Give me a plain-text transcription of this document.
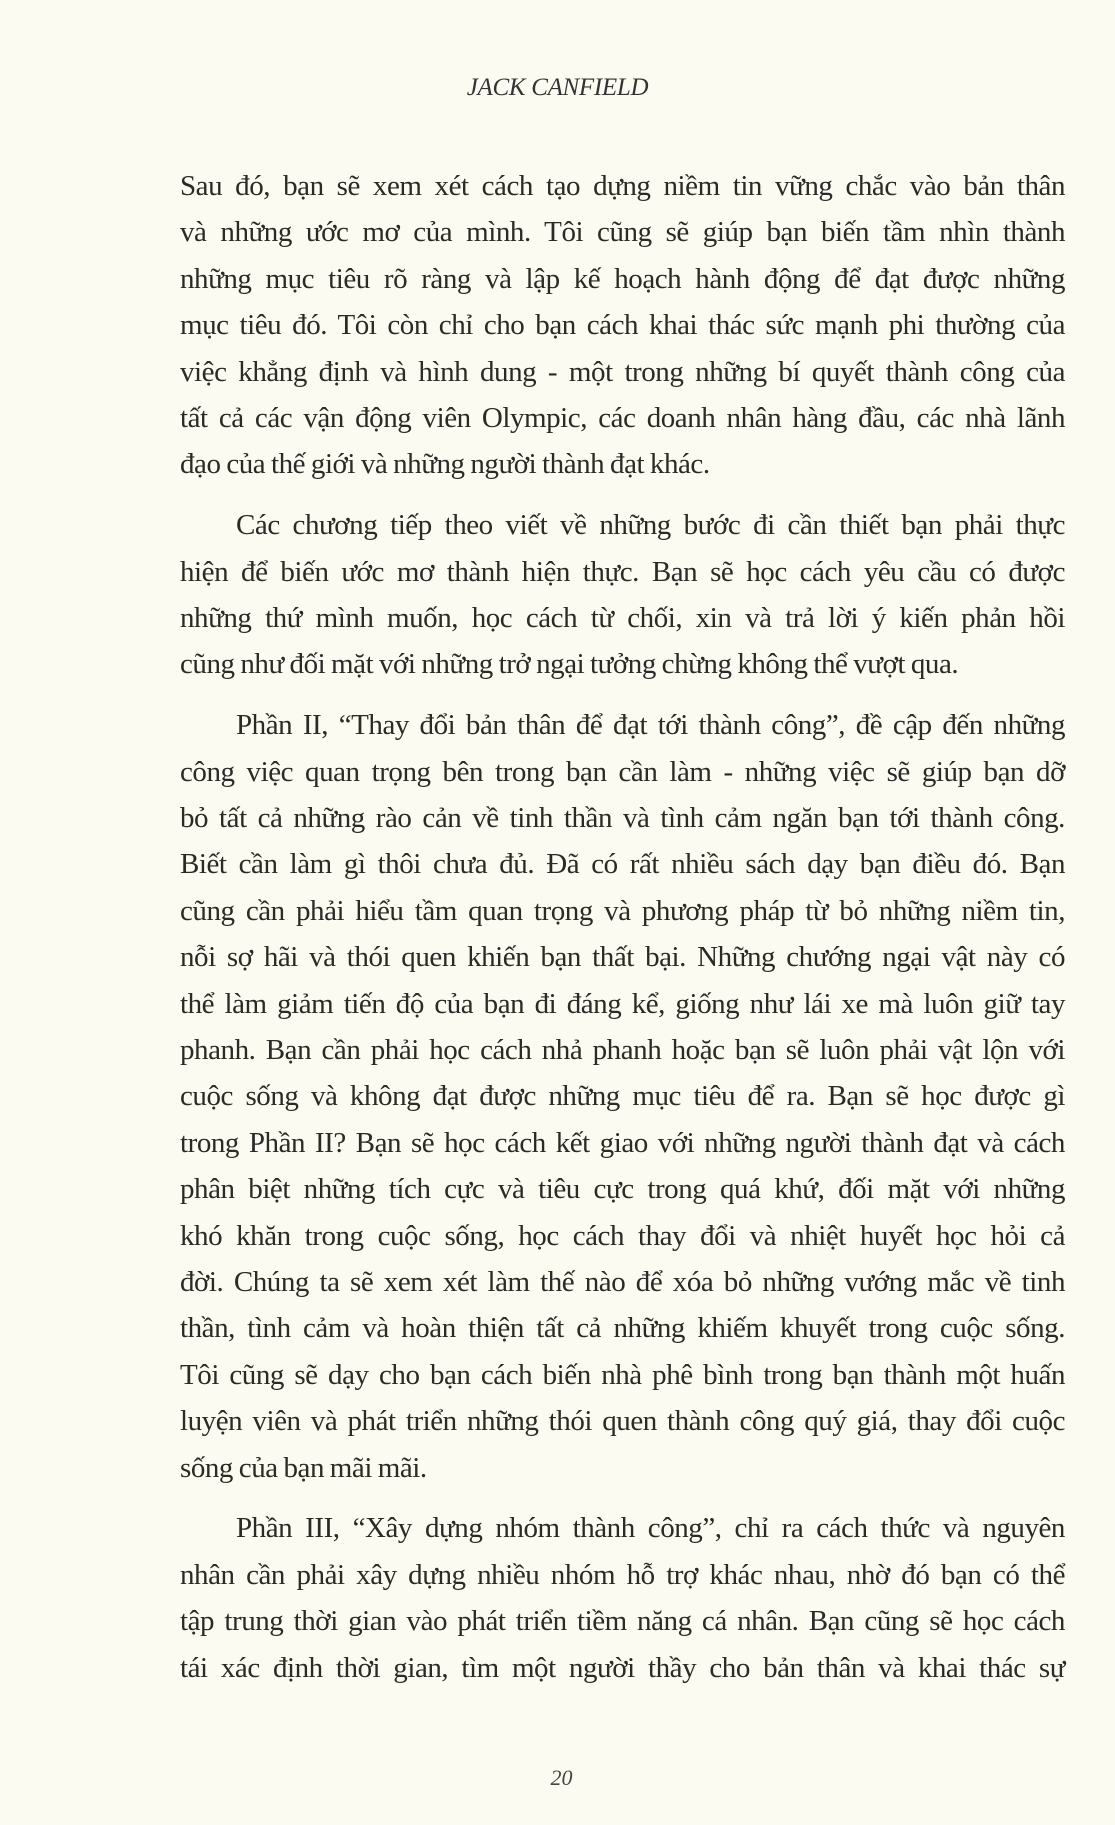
JACK CANFIELD
Sau đó, bạn sẽ xem xét cách tạo dựng niềm tin vững chắc vào bản thân
và những ước mơ của mình. Tôi cũng sẽ giúp bạn biến tầm nhìn thành
những mục tiêu rõ ràng và lập kế hoạch hành động để đạt được những
mục tiêu đó. Tôi còn chỉ cho bạn cách khai thác sức mạnh phi thường của
việc khẳng định và hình dung - một trong những bí quyết thành công của
tất cả các vận động viên Olympic, các doanh nhân hàng đầu, các nhà lãnh
đạo của thế giới và những người thành đạt khác.
Các chương tiếp theo viết về những bước đi cần thiết bạn phải thực
hiện để biến ước mơ thành hiện thực. Bạn sẽ học cách yêu cầu có được
những thứ mình muốn, học cách từ chối, xin và trả lời ý kiến phản hồi
cũng như đối mặt với những trở ngại tưởng chừng không thể vượt qua.
Phần II, “Thay đổi bản thân để đạt tới thành công”, đề cập đến những
công việc quan trọng bên trong bạn cần làm - những việc sẽ giúp bạn dỡ
bỏ tất cả những rào cản về tinh thần và tình cảm ngăn bạn tới thành công.
Biết cần làm gì thôi chưa đủ. Đã có rất nhiều sách dạy bạn điều đó. Bạn
cũng cần phải hiểu tầm quan trọng và phương pháp từ bỏ những niềm tin,
nỗi sợ hãi và thói quen khiến bạn thất bại. Những chướng ngại vật này có
thể làm giảm tiến độ của bạn đi đáng kể, giống như lái xe mà luôn giữ tay
phanh. Bạn cần phải học cách nhả phanh hoặc bạn sẽ luôn phải vật lộn với
cuộc sống và không đạt được những mục tiêu để ra. Bạn sẽ học được gì
trong Phần II? Bạn sẽ học cách kết giao với những người thành đạt và cách
phân biệt những tích cực và tiêu cực trong quá khứ, đối mặt với những
khó khăn trong cuộc sống, học cách thay đổi và nhiệt huyết học hỏi cả
đời. Chúng ta sẽ xem xét làm thế nào để xóa bỏ những vướng mắc về tinh
thần, tình cảm và hoàn thiện tất cả những khiếm khuyết trong cuộc sống.
Tôi cũng sẽ dạy cho bạn cách biến nhà phê bình trong bạn thành một huấn
luyện viên và phát triển những thói quen thành công quý giá, thay đổi cuộc
sống của bạn mãi mãi.
Phần III, “Xây dựng nhóm thành công”, chỉ ra cách thức và nguyên
nhân cần phải xây dựng nhiều nhóm hỗ trợ khác nhau, nhờ đó bạn có thể
tập trung thời gian vào phát triển tiềm năng cá nhân. Bạn cũng sẽ học cách
tái xác định thời gian, tìm một người thầy cho bản thân và khai thác sự
20
